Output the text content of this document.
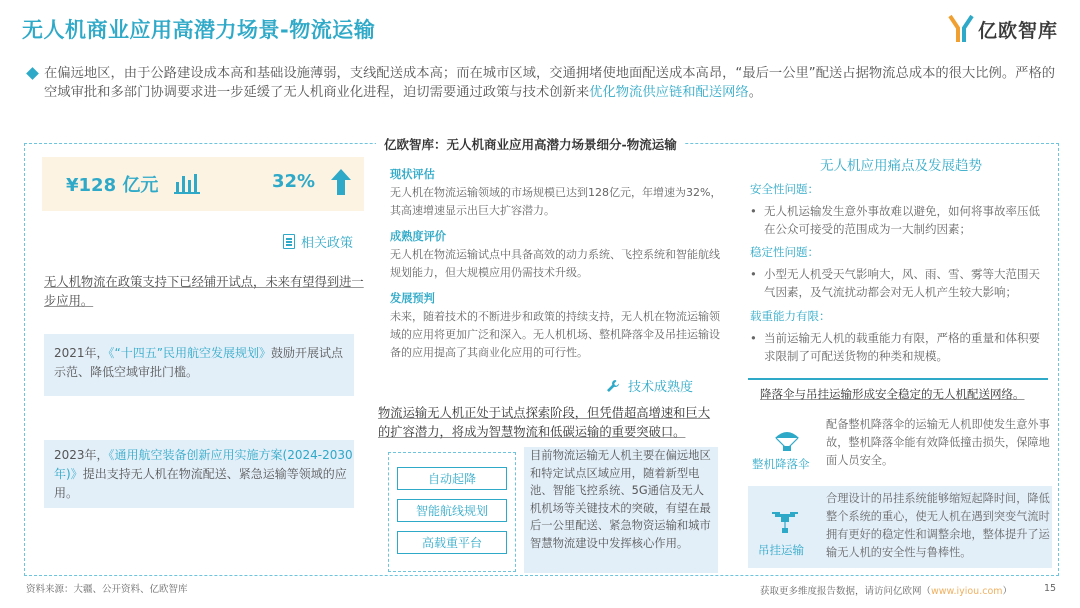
无人机商业应用高潜力场景-物流运输	亿欧智库
在偏远地区，由于公路建设成本高和基础设施薄弱，支线配送成本高；而在城市区域，交通拥堵使地面配送成本高昂，“最后一公里”配送占据物流总成本的很大比例。严格的空域审批和多部门协调要求进一步延缓了无人机商业化进程，迫切需要通过政策与技术创新来优化物流供应链和配送网络。
亿欧智库：无人机商业应用高潜力场景细分-物流运输
¥128 亿元	32%
相关政策
无人机物流在政策支持下已经铺开试点，未来有望得到进一步应用。
2021年，《“十四五”民用航空发展规划》鼓励开展试点示范、降低空域审批门槛。
2023年，《通用航空装备创新应用实施方案(2024-2030年)》提出支持无人机在物流配送、紧急运输等领域的应用。
现状评估
无人机在物流运输领域的市场规模已达到128亿元，年增速为32%，其高速增速显示出巨大扩容潜力。
成熟度评价
无人机在物流运输试点中具备高效的动力系统、飞控系统和智能航线规划能力，但大规模应用仍需技术升级。
发展预判
未来，随着技术的不断进步和政策的持续支持，无人机在物流运输领域的应用将更加广泛和深入。无人机机场、整机降落伞及吊挂运输设备的应用提高了其商业化应用的可行性。
技术成熟度
物流运输无人机正处于试点探索阶段，但凭借超高增速和巨大的扩容潜力，将成为智慧物流和低碳运输的重要突破口。
自动起降
智能航线规划
高载重平台
目前物流运输无人机主要在偏远地区和特定试点区域应用，随着新型电池、智能飞控系统、5G通信及无人机机场等关键技术的突破，有望在最后一公里配送、紧急物资运输和城市智慧物流建设中发挥核心作用。
无人机应用痛点及发展趋势
安全性问题：
• 无人机运输发生意外事故难以避免，如何将事故率压低在公众可接受的范围成为一大制约因素；
稳定性问题：
• 小型无人机受天气影响大，风、雨、雪、雾等大范围天气因素，及气流扰动都会对无人机产生较大影响；
载重能力有限：
• 当前运输无人机的载重能力有限，严格的重量和体积要求限制了可配送货物的种类和规模。
降落伞与吊挂运输形成安全稳定的无人机配送网络。
整机降落伞
配备整机降落伞的运输无人机即使发生意外事故，整机降落伞能有效降低撞击损失，保障地面人员安全。
吊挂运输
合理设计的吊挂系统能够缩短起降时间，降低整个系统的重心，使无人机在遇到突变气流时拥有更好的稳定性和调整余地，整体提升了运输无人机的安全性与鲁棒性。
资料来源：大疆、公开资料、亿欧智库	获取更多维度报告数据，请访问亿欧网（www.iyiou.com）	15
